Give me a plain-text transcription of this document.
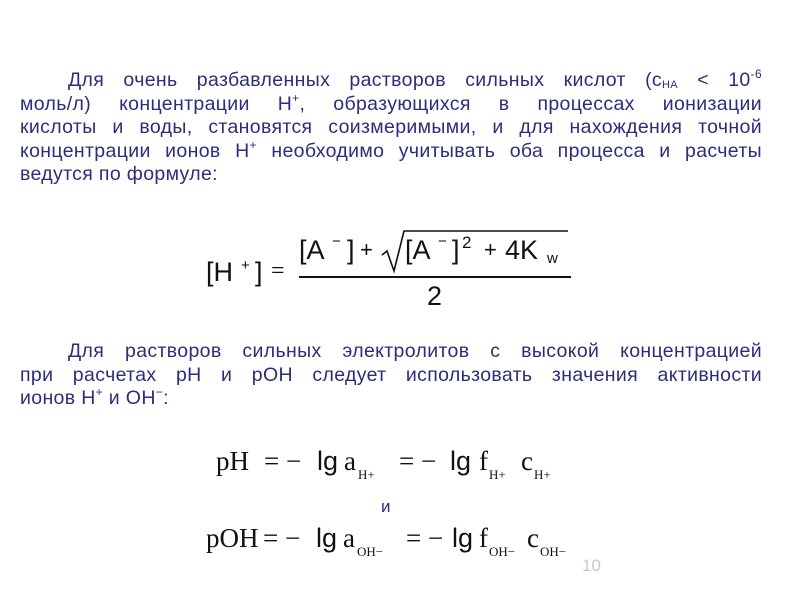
Для очень разбавленных растворов сильных кислот ($c_{HA} < 10^{-6}$
моль/л) концентрации H+, образующихся в процессах ионизации
кислоты и воды, становятся соизмеримыми, и для нахождения точной
концентрации ионов H+ необходимо учитывать оба процесса и расчеты
ведутся по формуле:
[H + ] =
[A − ] + [A − ] 2 + 4K w
2
Для растворов сильных электролитов с высокой концентрацией
при расчетах pH и pOH следует использовать значения активности
ионов H+ и OH−:
pH = − lg a H+ = − lg f H+ c H+
pOH = − lg a OH− = − lg f OH− c OH−
и
10
